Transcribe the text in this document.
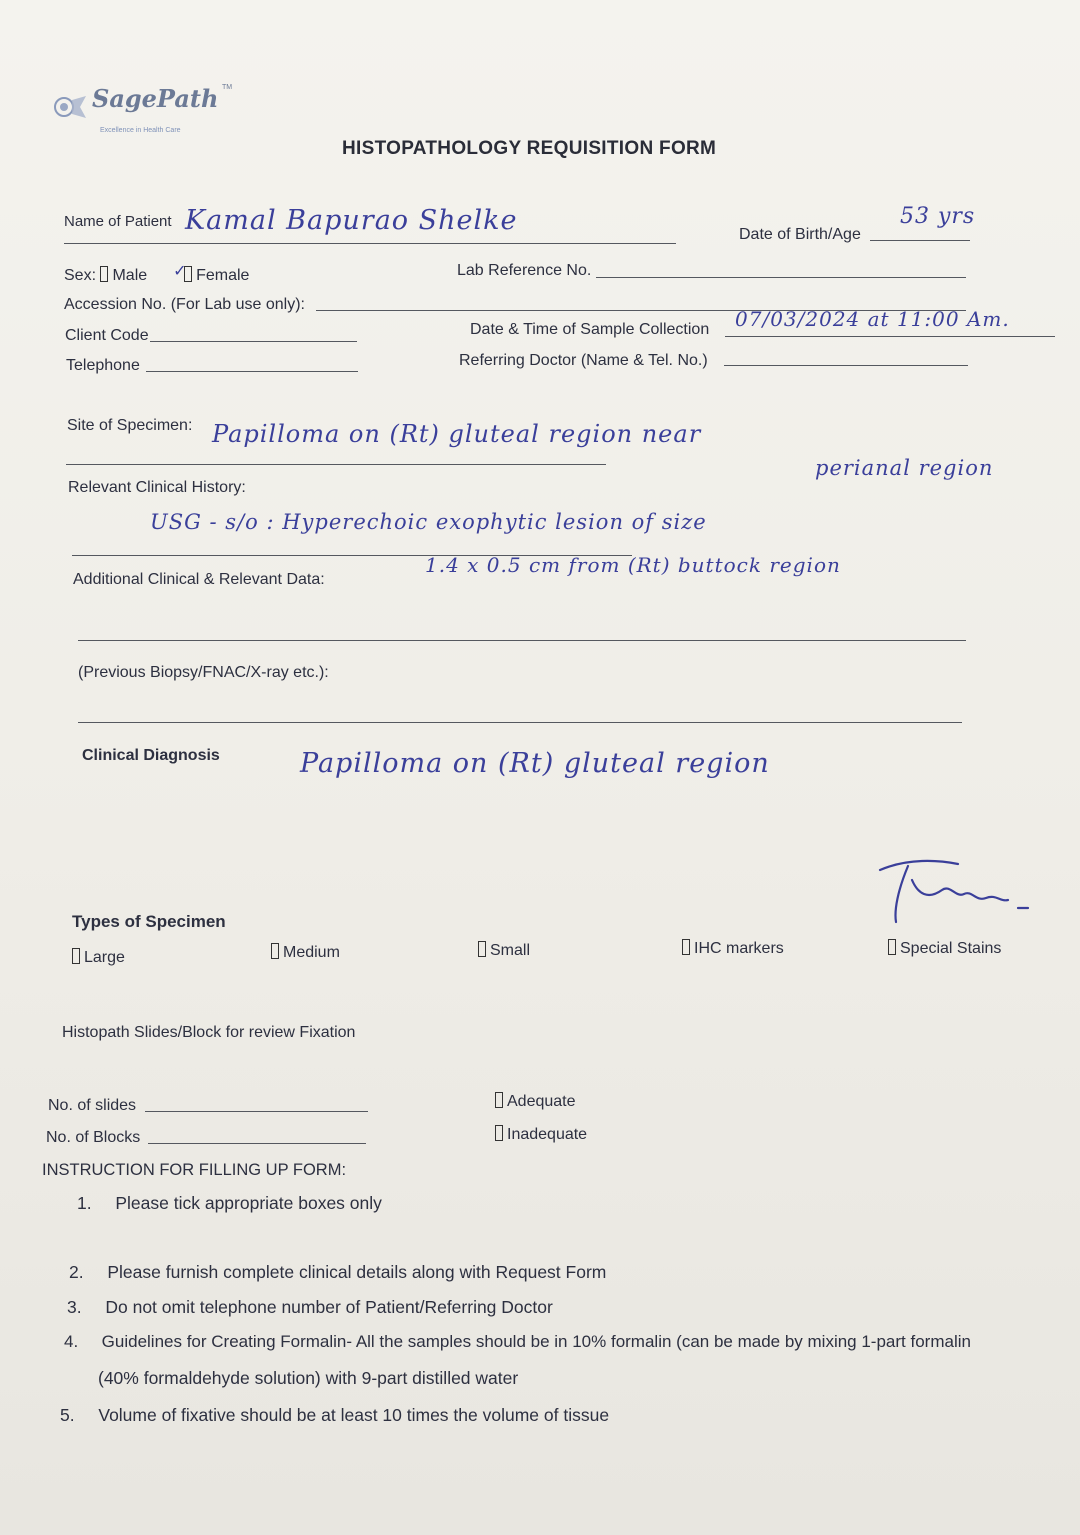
SagePath TM
Excellence in Health Care
HISTOPATHOLOGY REQUISITION FORM
Name of Patient Kamal Bapurao Shelke	Date of Birth/Age
53 yrs
Sex: Male ✓ Female	Lab Reference No.
Accession No. (For Lab use only):
Client Code	Date & Time of Sample Collection 07/03/2024 at 11:00 Am.
Telephone	Referring Doctor (Name & Tel. No.)
Site of Specimen: Papilloma on (Rt) gluteal region near
perianal region
Relevant Clinical History:
USG - s/o : Hyperechoic exophytic lesion of size
Additional Clinical & Relevant Data:
1.4 x 0.5 cm from (Rt) buttock region
(Previous Biopsy/FNAC/X-ray etc.):
Clinical Diagnosis	Papilloma on (Rt) gluteal region
Types of Specimen
Large	Medium	Small	IHC markers	Special Stains
Histopath Slides/Block for review Fixation
No. of slides	Adequate
No. of Blocks	Inadequate
INSTRUCTION FOR FILLING UP FORM:
1. Please tick appropriate boxes only
2. Please furnish complete clinical details along with Request Form
3. Do not omit telephone number of Patient/Referring Doctor
4. Guidelines for Creating Formalin- All the samples should be in 10% formalin (can be made by mixing 1-part formalin
(40% formaldehyde solution) with 9-part distilled water
5. Volume of fixative should be at least 10 times the volume of tissue
